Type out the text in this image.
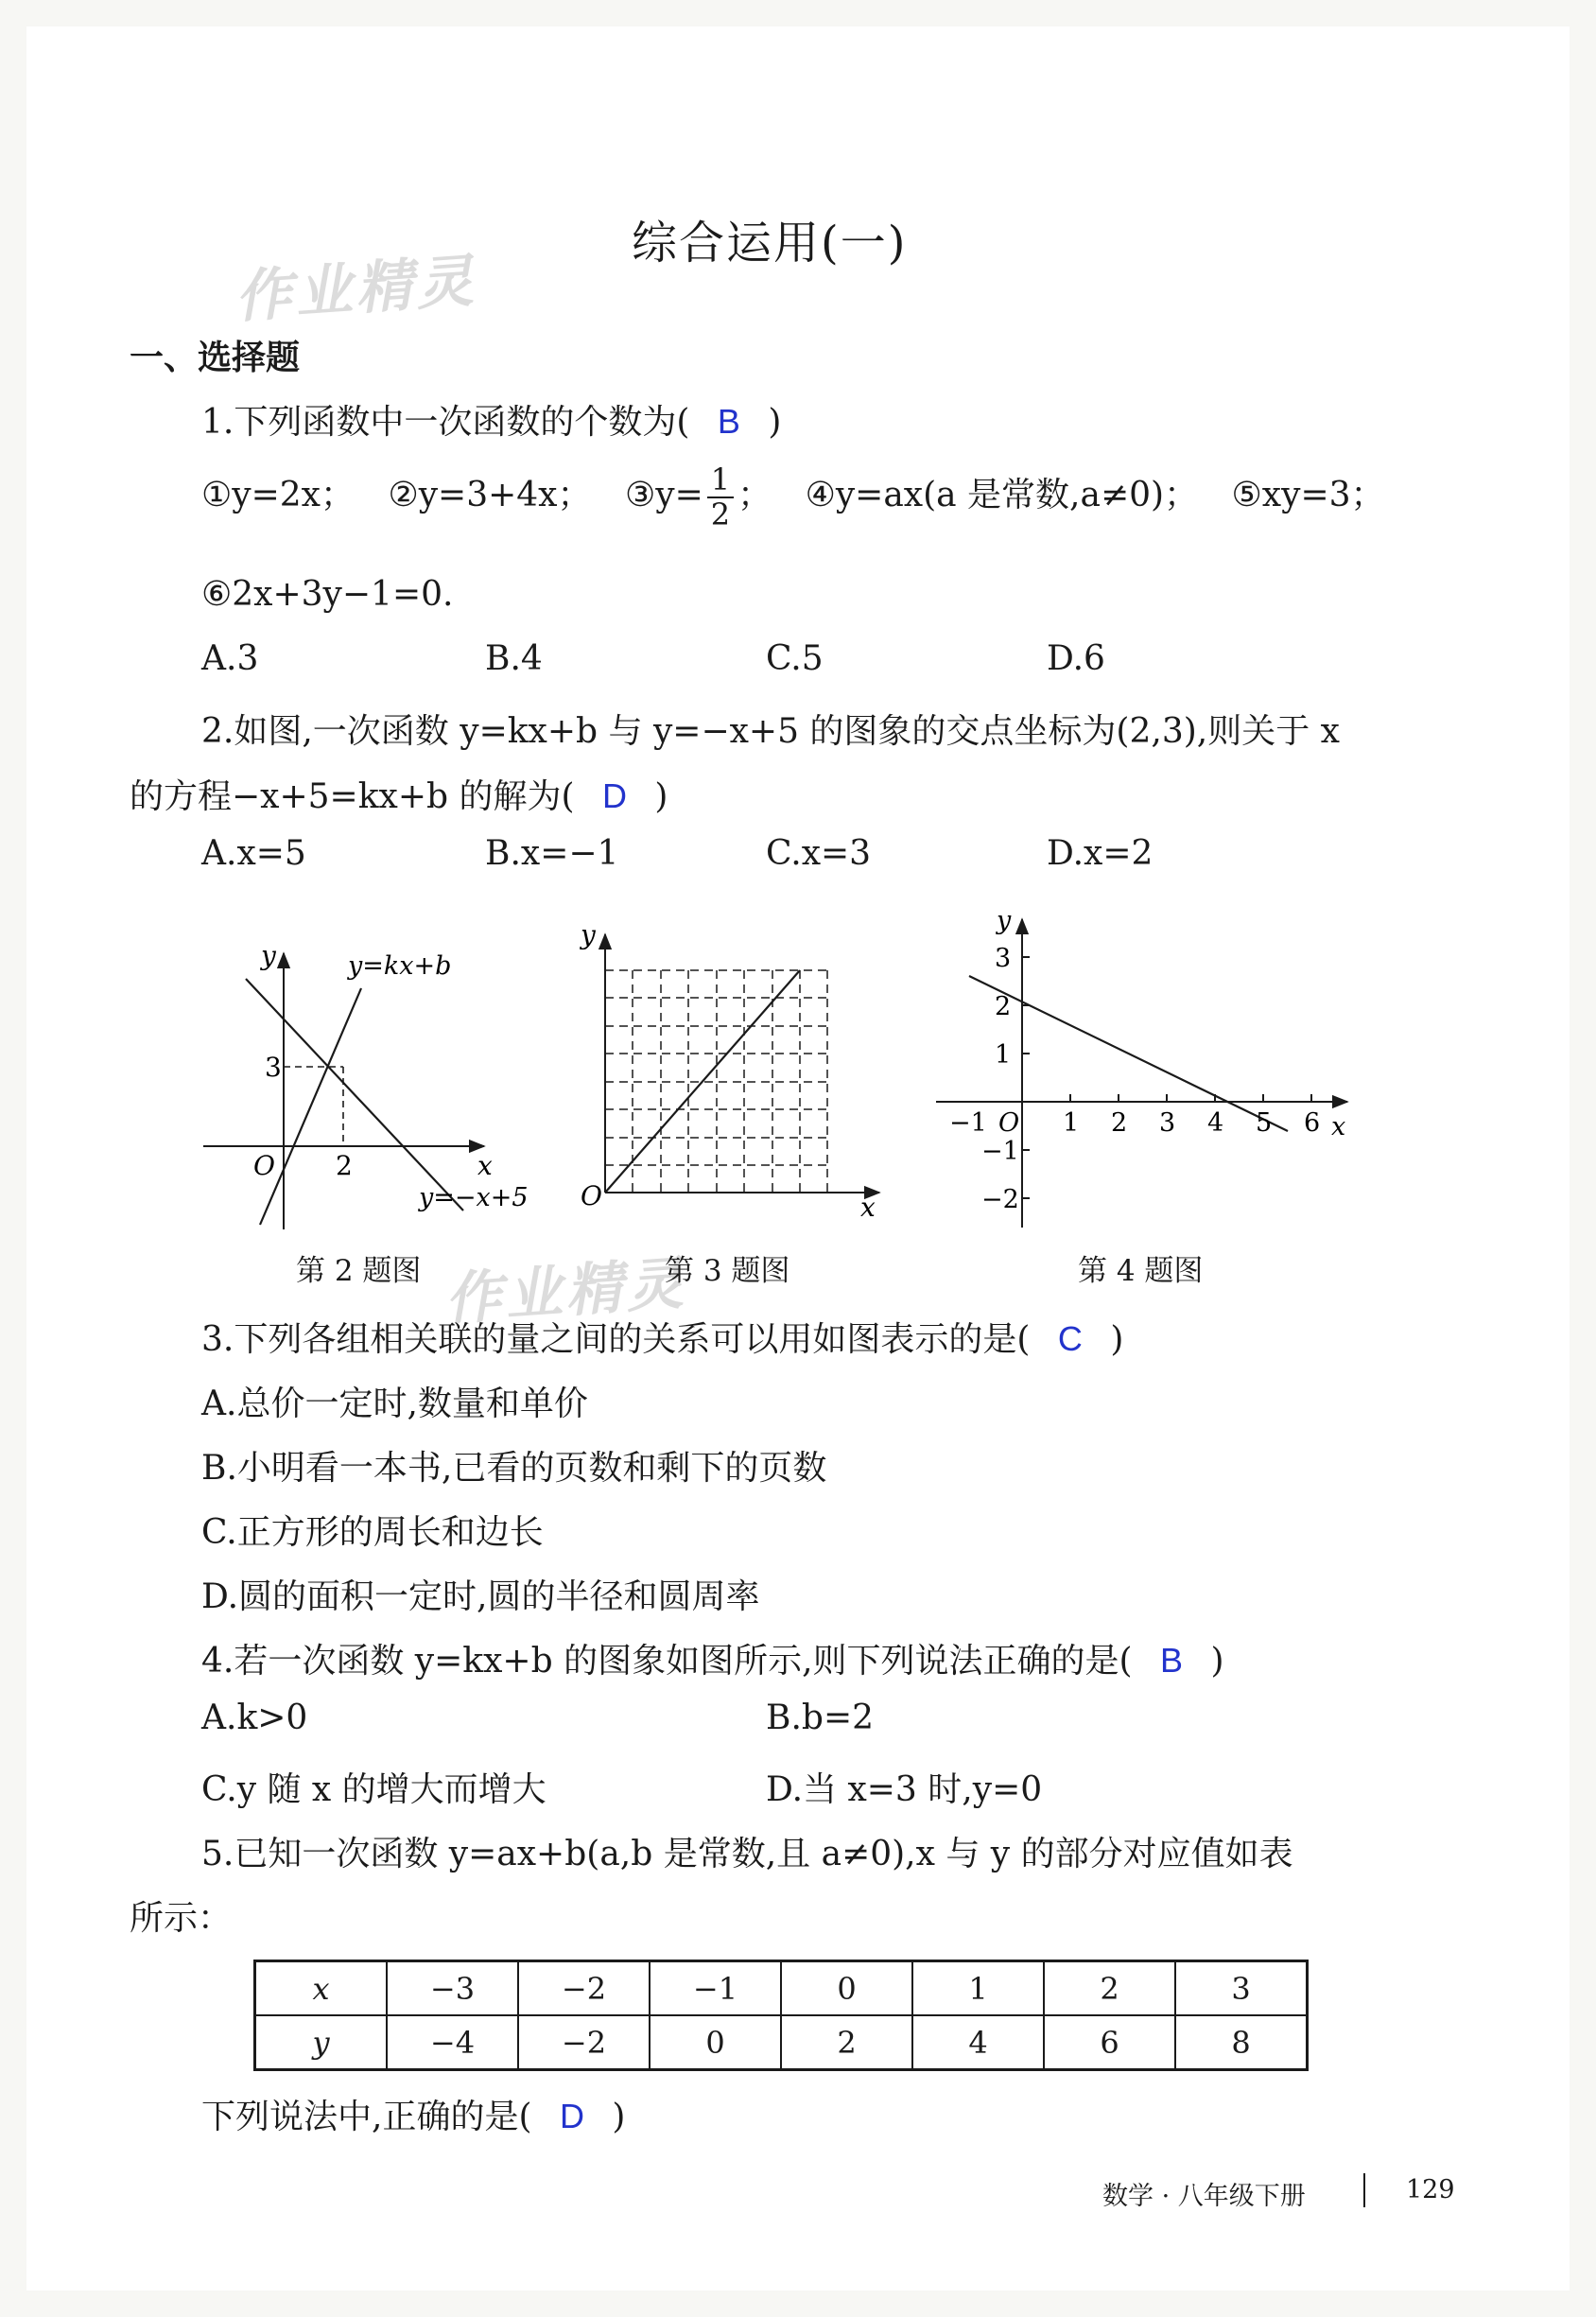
作业精灵
作业精灵
综合运用(一)
一、选择题
1.下列函数中一次函数的个数为( B )
①y=2x； ②y=3+4x； ③y= $\frac{1}{2}$ ； ④y=ax(a 是常数,a≠0)； ⑤xy=3；
⑥2x+3y−1=0.
A.3	B.4	C.5	D.6
2.如图,一次函数 y=kx+b 与 y=−x+5 的图象的交点坐标为(2,3),则关于 x
的方程−x+5=kx+b 的解为( D )
A.x=5	B.x=−1	C.x=3	D.x=2
y
x
O
3
2
y=kx+b
y=−x+5
第 2 题图
y
x
O
第 3 题图
y
x
O
−1	1 2 3 4 5 6
3
2
1
−1
−2
第 4 题图
3.下列各组相关联的量之间的关系可以用如图表示的是( C )
A.总价一定时,数量和单价
B.小明看一本书,已看的页数和剩下的页数
C.正方形的周长和边长
D.圆的面积一定时,圆的半径和圆周率
4.若一次函数 y=kx+b 的图象如图所示,则下列说法正确的是( B )
A.k>0	B.b=2
C.y 随 x 的增大而增大	D.当 x=3 时,y=0
5.已知一次函数 y=ax+b(a,b 是常数,且 a≠0),x 与 y 的部分对应值如表
所示：
x	−3	−2	−1	0	1	2	3
y	−4	−2	0	2	4	6	8
下列说法中,正确的是( D )
数学 · 八年级下册	129
